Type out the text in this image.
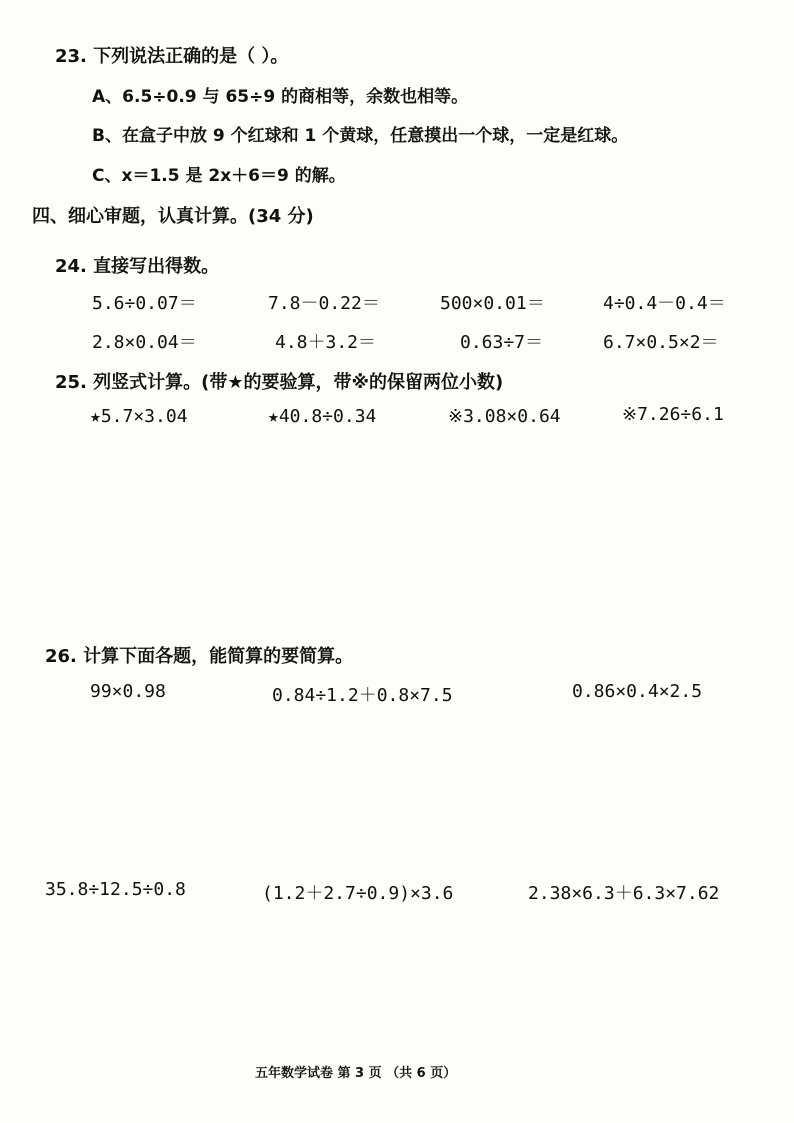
23. 下列说法正确的是（ ）。
A、6.5÷0.9 与 65÷9 的商相等，余数也相等。
B、在盒子中放 9 个红球和 1 个黄球，任意摸出一个球，一定是红球。
C、x＝1.5 是 2x＋6＝9 的解。
四、细心审题，认真计算。(34 分)
24. 直接写出得数。
5.6÷0.07＝	7.8－0.22＝	500×0.01＝	4÷0.4－0.4＝
2.8×0.04＝	4.8＋3.2＝	0.63÷7＝	6.7×0.5×2＝
25. 列竖式计算。(带★的要验算，带※的保留两位小数)
★5.7×3.04	★40.8÷0.34	※3.08×0.64	※7.26÷6.1
26. 计算下面各题，能简算的要简算。
99×0.98	0.84÷1.2＋0.8×7.5	0.86×0.4×2.5
35.8÷12.5÷0.8	(1.2＋2.7÷0.9)×3.6	2.38×6.3＋6.3×7.62
五年数学试卷 第 3 页 （共 6 页）
